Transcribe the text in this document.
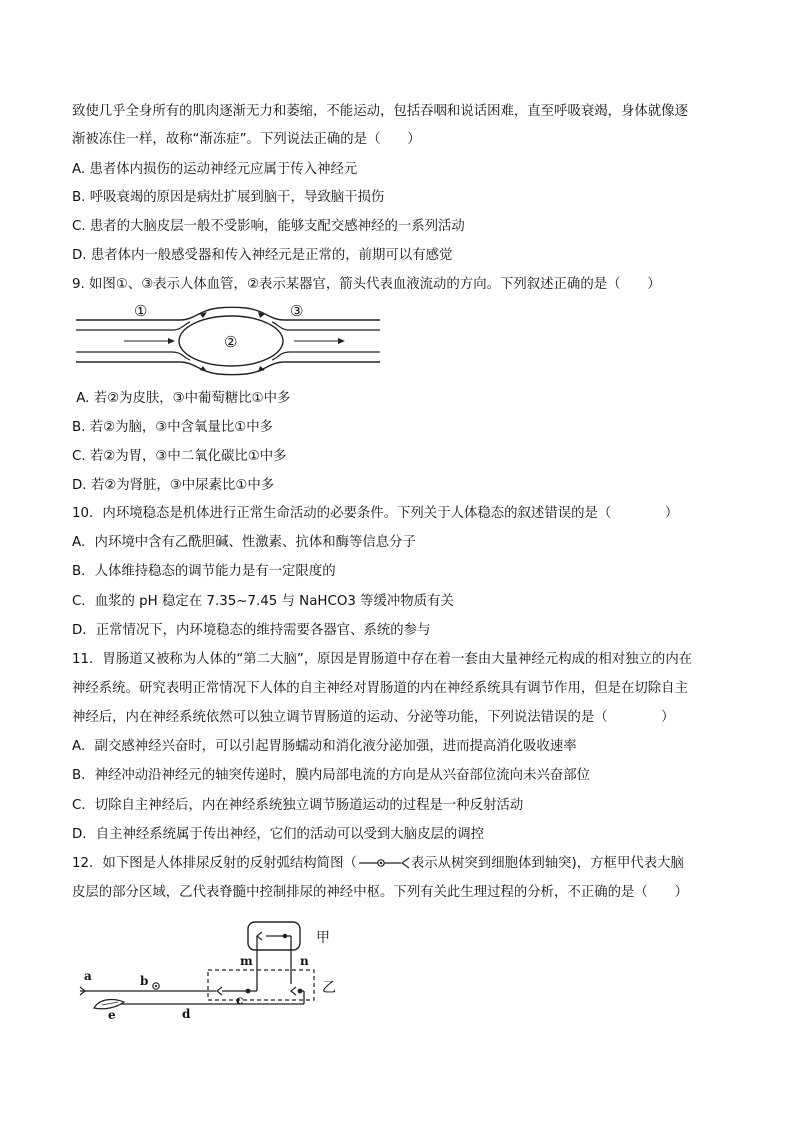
致使几乎全身所有的肌肉逐渐无力和萎缩，不能运动，包括吞咽和说话困难，直至呼吸衰竭，身体就像逐
渐被冻住一样，故称“渐冻症”。下列说法正确的是（　　）
A. 患者体内损伤的运动神经元应属于传入神经元
B. 呼吸衰竭的原因是病灶扩展到脑干，导致脑干损伤
C. 患者的大脑皮层一般不受影响，能够支配交感神经的一系列活动
D. 患者体内一般感受器和传入神经元是正常的，前期可以有感觉
9. 如图①、③表示人体血管，②表示某器官，箭头代表血液流动的方向。下列叙述正确的是（　　）
①
②
③
A. 若②为皮肤，③中葡萄糖比①中多
B. 若②为脑，③中含氧量比①中多
C. 若②为胃，③中二氧化碳比①中多
D. 若②为肾脏，③中尿素比①中多
10．内环境稳态是机体进行正常生命活动的必要条件。下列关于人体稳态的叙述错误的是（　　　　）
A．内环境中含有乙酰胆碱、性激素、抗体和酶等信息分子
B．人体维持稳态的调节能力是有一定限度的
C．血浆的 pH 稳定在 7.35~7.45 与 NaHCO3 等缓冲物质有关
D．正常情况下，内环境稳态的维持需要各器官、系统的参与
11．胃肠道又被称为人体的“第二大脑”，原因是胃肠道中存在着一套由大量神经元构成的相对独立的内在
神经系统。研究表明正常情况下人体的自主神经对胃肠道的内在神经系统具有调节作用，但是在切除自主
神经后，内在神经系统依然可以独立调节胃肠道的运动、分泌等功能，下列说法错误的是（　　　　）
A．副交感神经兴奋时，可以引起胃肠蠕动和消化液分泌加强，进而提高消化吸收速率
B．神经冲动沿神经元的轴突传递时，膜内局部电流的方向是从兴奋部位流向未兴奋部位
C．切除自主神经后，内在神经系统独立调节肠道运动的过程是一种反射活动
D．自主神经系统属于传出神经，它们的活动可以受到大脑皮层的调控
12．如下图是人体排尿反射的反射弧结构简图（	表示从树突到细胞体到轴突)，方框甲代表大脑
皮层的部分区域，乙代表脊髓中控制排尿的神经中枢。下列有关此生理过程的分析，不正确的是（　　）
甲
乙
m	n
a	b
c
e	d
